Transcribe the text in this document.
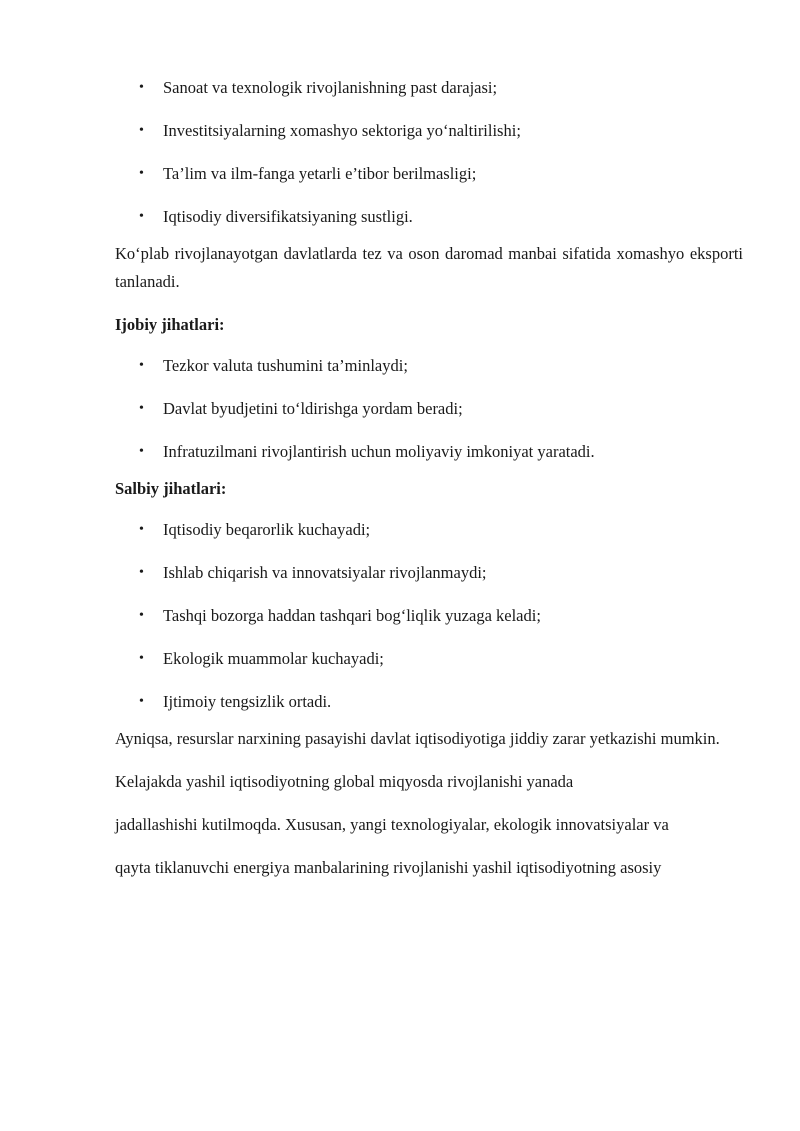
• Sanoat va texnologik rivojlanishning past darajasi;
• Investitsiyalarning xomashyo sektoriga yo‘naltirilishi;
• Ta’lim va ilm-fanga yetarli e’tibor berilmasligi;
• Iqtisodiy diversifikatsiyaning sustligi.

Ko‘plab rivojlanayotgan davlatlarda tez va oson daromad manbai sifatida xomashyo eksporti tanlanadi.

Ijobiy jihatlari:

• Tezkor valuta tushumini ta’minlaydi;
• Davlat byudjetini to‘ldirishga yordam beradi;
• Infratuzilmani rivojlantirish uchun moliyaviy imkoniyat yaratadi.

Salbiy jihatlari:

• Iqtisodiy beqarorlik kuchayadi;
• Ishlab chiqarish va innovatsiyalar rivojlanmaydi;
• Tashqi bozorga haddan tashqari bog‘liqlik yuzaga keladi;
• Ekologik muammolar kuchayadi;
• Ijtimoiy tengsizlik ortadi.

Ayniqsa, resurslar narxining pasayishi davlat iqtisodiyotiga jiddiy zarar yetkazishi mumkin.

Kelajakda yashil iqtisodiyotning global miqyosda rivojlanishi yanada

jadallashishi kutilmoqda. Xususan, yangi texnologiyalar, ekologik innovatsiyalar va

qayta tiklanuvchi energiya manbalarining rivojlanishi yashil iqtisodiyotning asosiy
